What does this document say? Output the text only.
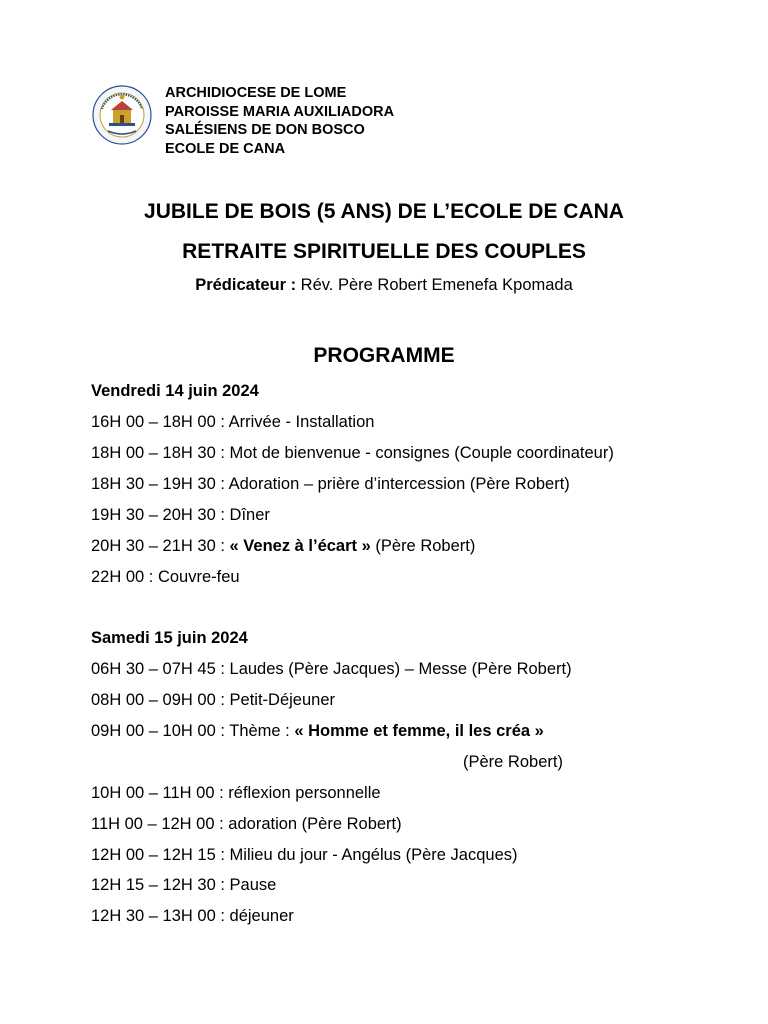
ARCHIDIOCESE DE LOME
PAROISSE MARIA AUXILIADORA
SALÉSIENS DE DON BOSCO
ECOLE DE CANA
JUBILE DE BOIS (5 ANS) DE L’ECOLE DE CANA
RETRAITE SPIRITUELLE DES COUPLES
Prédicateur : Rév. Père Robert Emenefa Kpomada
PROGRAMME
Vendredi 14 juin 2024
16H 00 – 18H 00 : Arrivée - Installation
18H 00 – 18H 30 : Mot de bienvenue - consignes (Couple coordinateur)
18H 30 – 19H 30 : Adoration – prière d’intercession (Père Robert)
19H 30 – 20H 30 : Dîner
20H 30 – 21H 30 : « Venez à l’écart » (Père Robert)
22H 00 : Couvre-feu
Samedi 15 juin 2024
06H 30 – 07H 45 : Laudes (Père Jacques) – Messe (Père Robert)
08H 00 – 09H 00 : Petit-Déjeuner
09H 00 – 10H 00 : Thème : « Homme et femme, il les créa »
(Père Robert)
10H 00 – 11H 00 : réflexion personnelle
11H 00 – 12H 00 : adoration (Père Robert)
12H 00 – 12H 15 : Milieu du jour - Angélus (Père Jacques)
12H 15 – 12H 30 : Pause
12H 30 – 13H 00 : déjeuner
